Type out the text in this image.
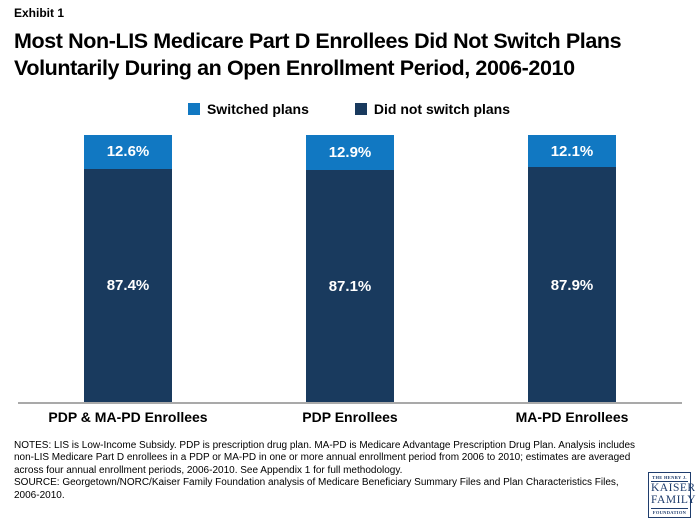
Exhibit 1
Most Non-LIS Medicare Part D Enrollees Did Not Switch Plans
Voluntarily During an Open Enrollment Period, 2006-2010
Switched plans	Did not switch plans
12.6%
87.4%
12.9%
87.1%
12.1%
87.9%
PDP & MA-PD Enrollees	PDP Enrollees	MA-PD Enrollees
NOTES: LIS is Low-Income Subsidy. PDP is prescription drug plan. MA-PD is Medicare Advantage Prescription Drug Plan. Analysis includes non-LIS Medicare Part D enrollees in a PDP or MA-PD in one or more annual enrollment period from 2006 to 2010; estimates are averaged across four annual enrollment periods, 2006-2010. See Appendix 1 for full methodology.
SOURCE: Georgetown/NORC/Kaiser Family Foundation analysis of Medicare Beneficiary Summary Files and Plan Characteristics Files, 2006-2010.
THE HENRY J.
KAISER
FAMILY
FOUNDATION
